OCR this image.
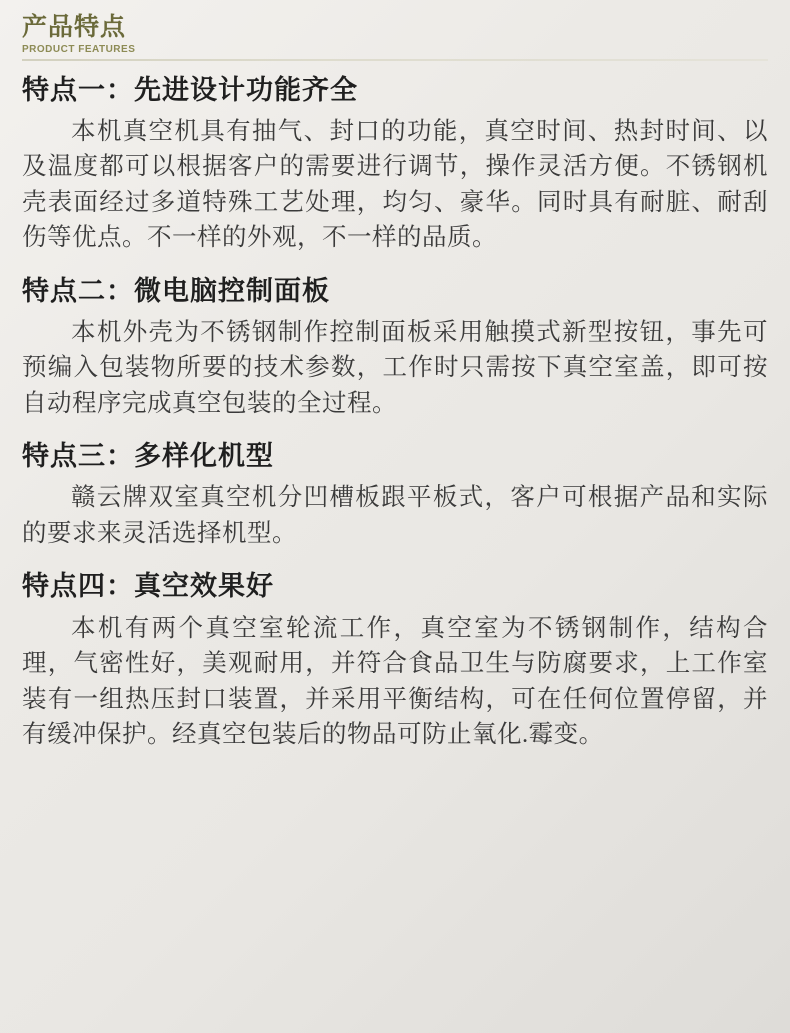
产品特点
PRODUCT FEATURES
特点一：先进设计功能齐全

本机真空机具有抽气、封口的功能，真空时间、热封时间、以及温度都可以根据客户的需要进行调节，操作灵活方便。不锈钢机壳表面经过多道特殊工艺处理，均匀、豪华。同时具有耐脏、耐刮伤等优点。不一样的外观，不一样的品质。

特点二：微电脑控制面板

本机外壳为不锈钢制作控制面板采用触摸式新型按钮，事先可预编入包装物所要的技术参数，工作时只需按下真空室盖，即可按自动程序完成真空包装的全过程。

特点三：多样化机型

赣云牌双室真空机分凹槽板跟平板式，客户可根据产品和实际的要求来灵活选择机型。

特点四：真空效果好

本机有两个真空室轮流工作，真空室为不锈钢制作，结构合理，气密性好，美观耐用，并符合食品卫生与防腐要求，上工作室装有一组热压封口装置，并采用平衡结构，可在任何位置停留，并有缓冲保护。经真空包装后的物品可防止氧化.霉变。
